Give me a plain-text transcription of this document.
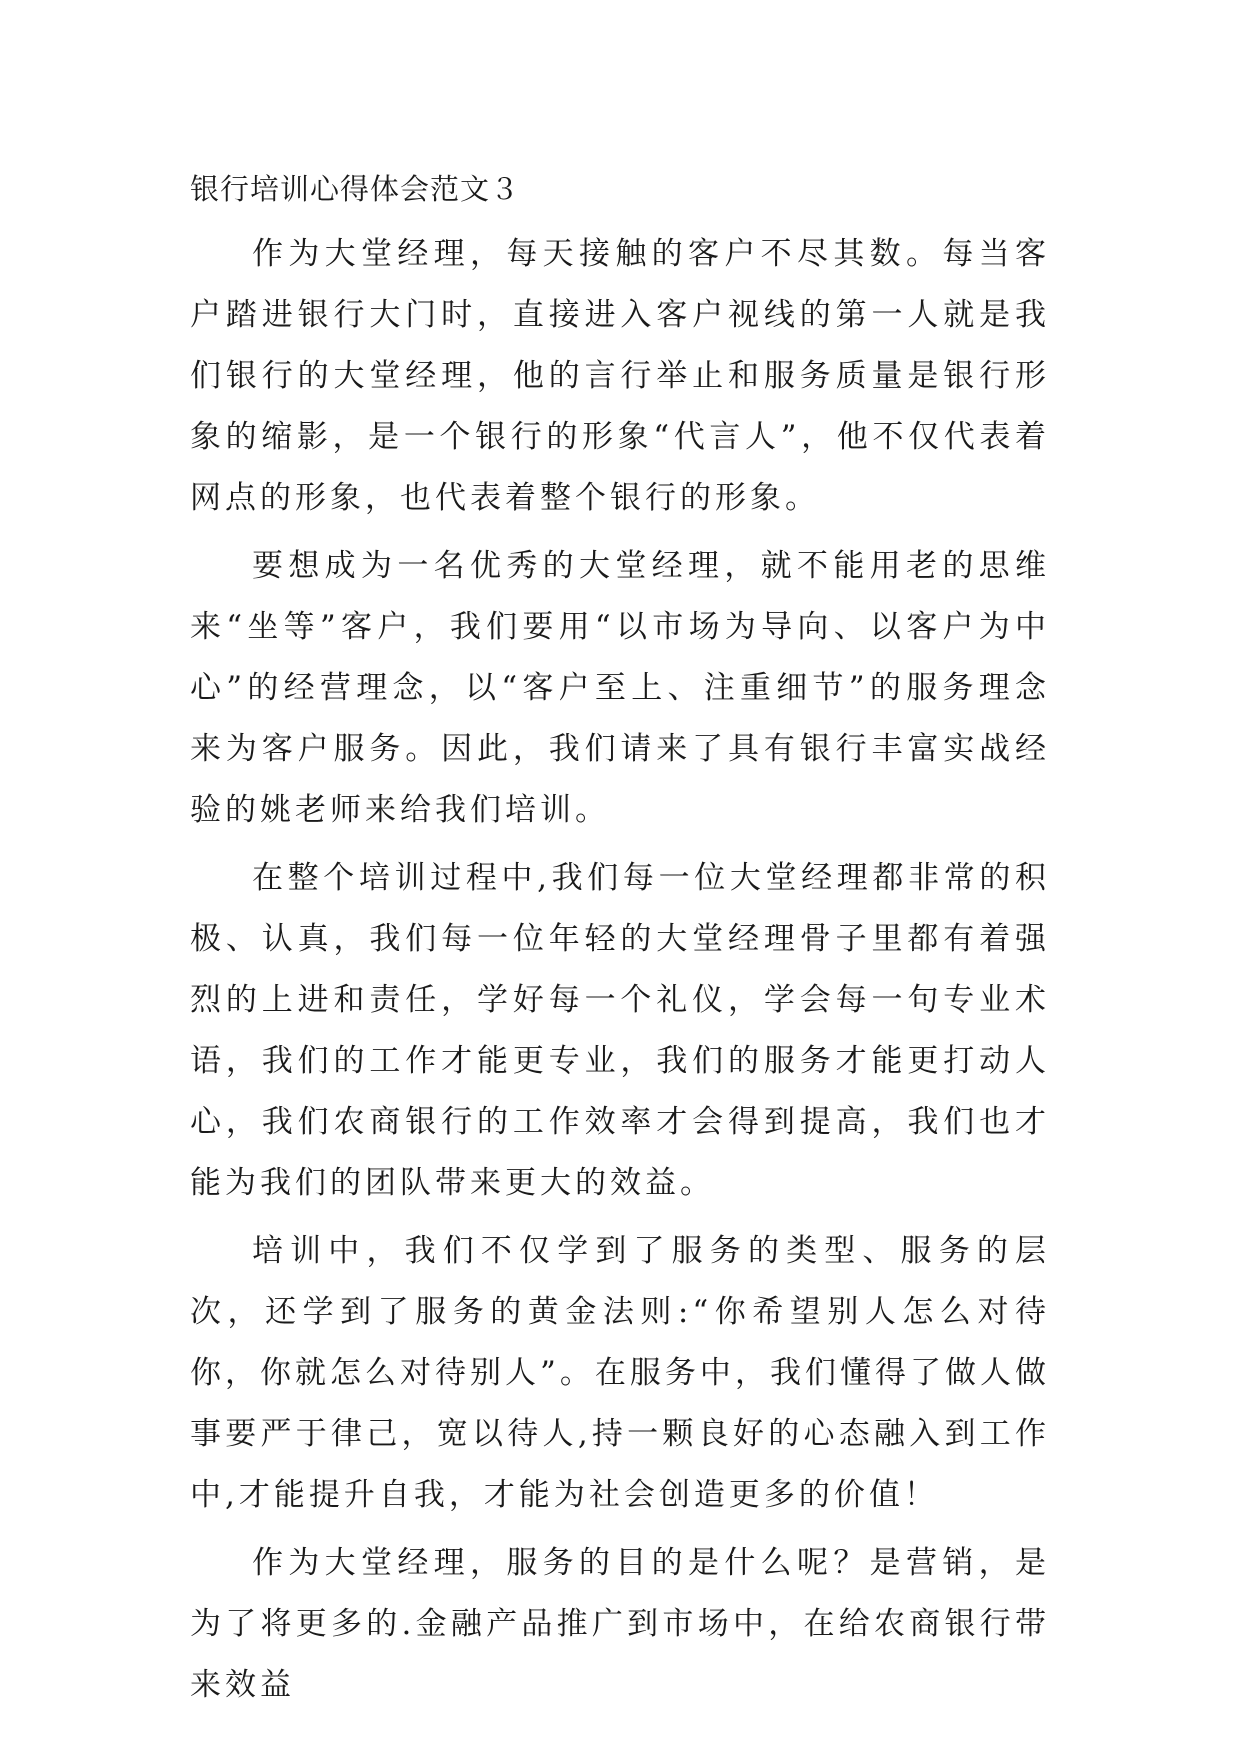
银行培训心得体会范文３

作为大堂经理，每天接触的客户不尽其数。每当客户踏进银行大门时，直接进入客户视线的第一人就是我们银行的大堂经理，他的言行举止和服务质量是银行形象的缩影，是一个银行的形象“代言人”，他不仅代表着网点的形象，也代表着整个银行的形象。

要想成为一名优秀的大堂经理，就不能用老的思维来“坐等”客户，我们要用“以市场为导向、以客户为中心”的经营理念，以“客户至上、注重细节”的服务理念来为客户服务。因此，我们请来了具有银行丰富实战经验的姚老师来给我们培训。

在整个培训过程中,我们每一位大堂经理都非常的积极、认真，我们每一位年轻的大堂经理骨子里都有着强烈的上进和责任，学好每一个礼仪，学会每一句专业术语，我们的工作才能更专业，我们的服务才能更打动人心，我们农商银行的工作效率才会得到提高，我们也才能为我们的团队带来更大的效益。

培训中，我们不仅学到了服务的类型、服务的层次，还学到了服务的黄金法则:“你希望别人怎么对待你，你就怎么对待别人”。在服务中，我们懂得了做人做事要严于律己，宽以待人,持一颗良好的心态融入到工作中,才能提升自我，才能为社会创造更多的价值！

作为大堂经理，服务的目的是什么呢？是营销，是为了将更多的.金融产品推广到市场中，在给农商银行带来效益
